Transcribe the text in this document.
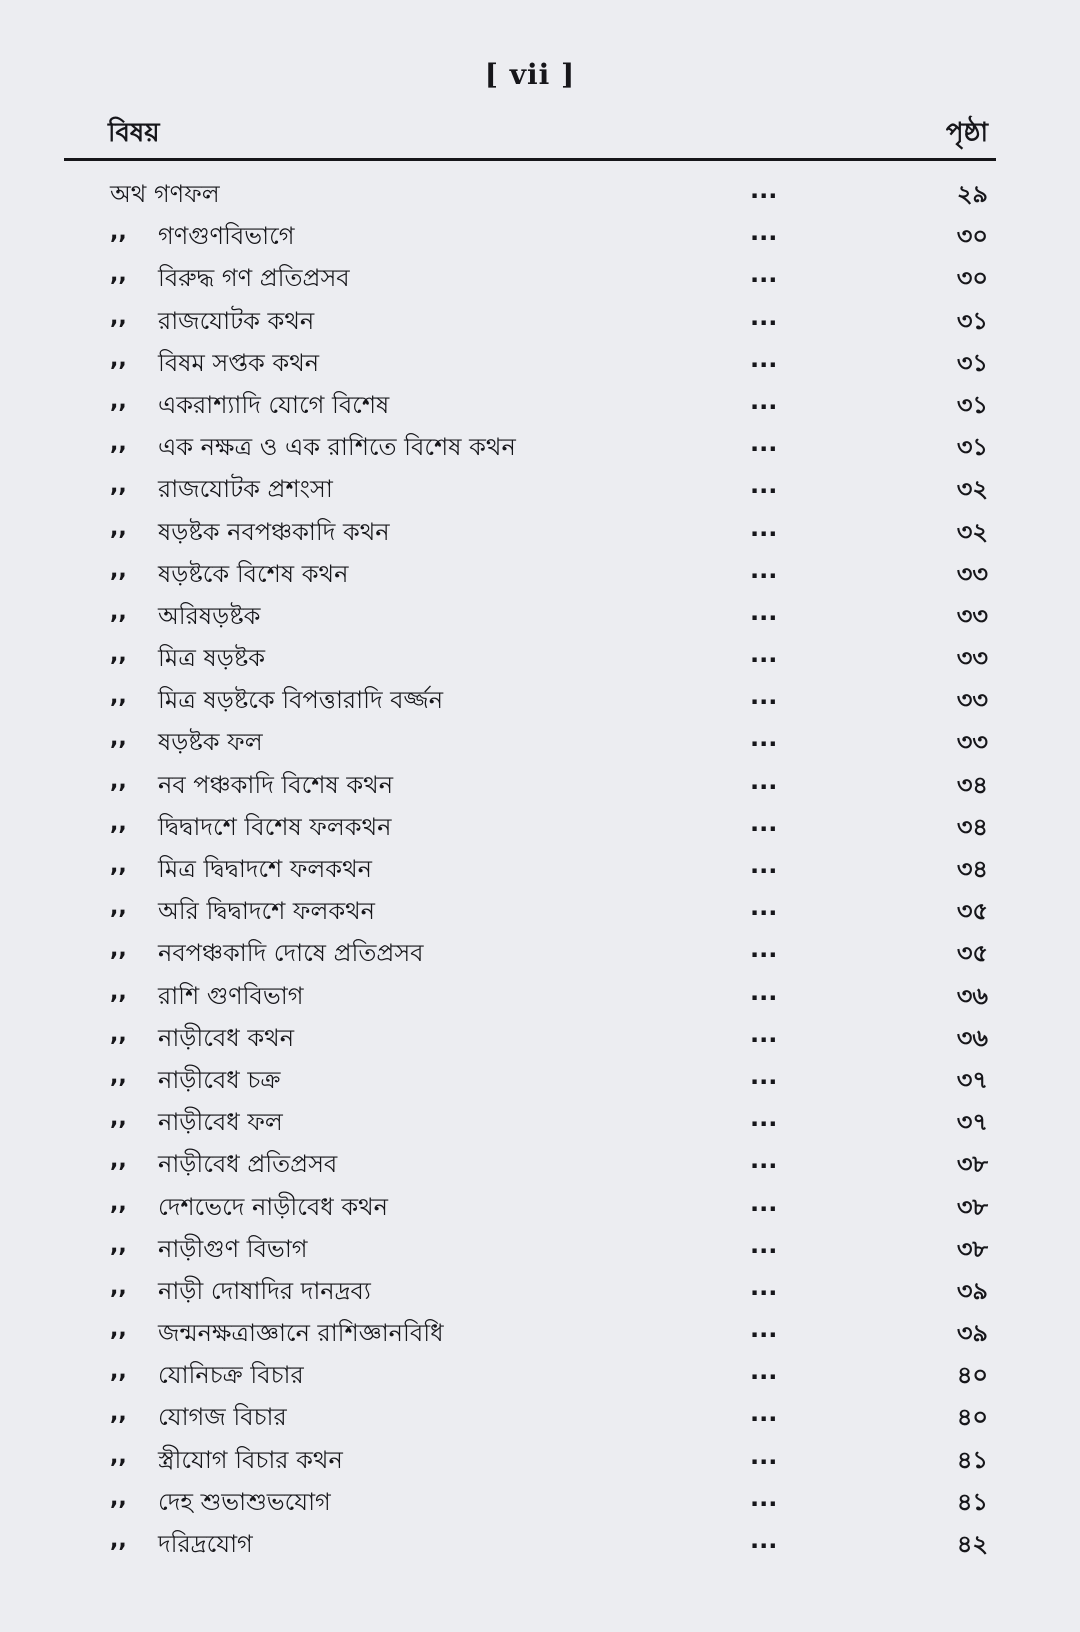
[ vii ]
বিষয়	পৃষ্ঠা
অথ গণফল	...	২৯
,, গণগুণবিভাগে	...	৩০
,, বিরুদ্ধ গণ প্রতিপ্রসব	...	৩০
,, রাজযোটক কথন	...	৩১
,, বিষম সপ্তক কথন	...	৩১
,, একরাশ্যাদি যোগে বিশেষ	...	৩১
,, এক নক্ষত্র ও এক রাশিতে বিশেষ কথন	...	৩১
,, রাজযোটক প্রশংসা	...	৩২
,, ষড়ষ্টক নবপঞ্চকাদি কথন	...	৩২
,, ষড়ষ্টকে বিশেষ কথন	...	৩৩
,, অরিষড়ষ্টক	...	৩৩
,, মিত্র ষড়ষ্টক	...	৩৩
,, মিত্র ষড়ষ্টকে বিপত্তারাদি বর্জ্জন	...	৩৩
,, ষড়ষ্টক ফল	...	৩৩
,, নব পঞ্চকাদি বিশেষ কথন	...	৩৪
,, দ্বিদ্বাদশে বিশেষ ফলকথন	...	৩৪
,, মিত্র দ্বিদ্বাদশে ফলকথন	...	৩৪
,, অরি দ্বিদ্বাদশে ফলকথন	...	৩৫
,, নবপঞ্চকাদি দোষে প্রতিপ্রসব	...	৩৫
,, রাশি গুণবিভাগ	...	৩৬
,, নাড়ীবেধ কথন	...	৩৬
,, নাড়ীবেধ চক্র	...	৩৭
,, নাড়ীবেধ ফল	...	৩৭
,, নাড়ীবেধ প্রতিপ্রসব	...	৩৮
,, দেশভেদে নাড়ীবেধ কথন	...	৩৮
,, নাড়ীগুণ বিভাগ	...	৩৮
,, নাড়ী দোষাদির দানদ্রব্য	...	৩৯
,, জন্মনক্ষত্রাজ্ঞানে রাশিজ্ঞানবিধি	...	৩৯
,, যোনিচক্র বিচার	...	৪০
,, যোগজ বিচার	...	৪০
,, স্ত্রীযোগ বিচার কথন	...	৪১
,, দেহ শুভাশুভযোগ	...	৪১
,, দরিদ্রযোগ	...	৪২
